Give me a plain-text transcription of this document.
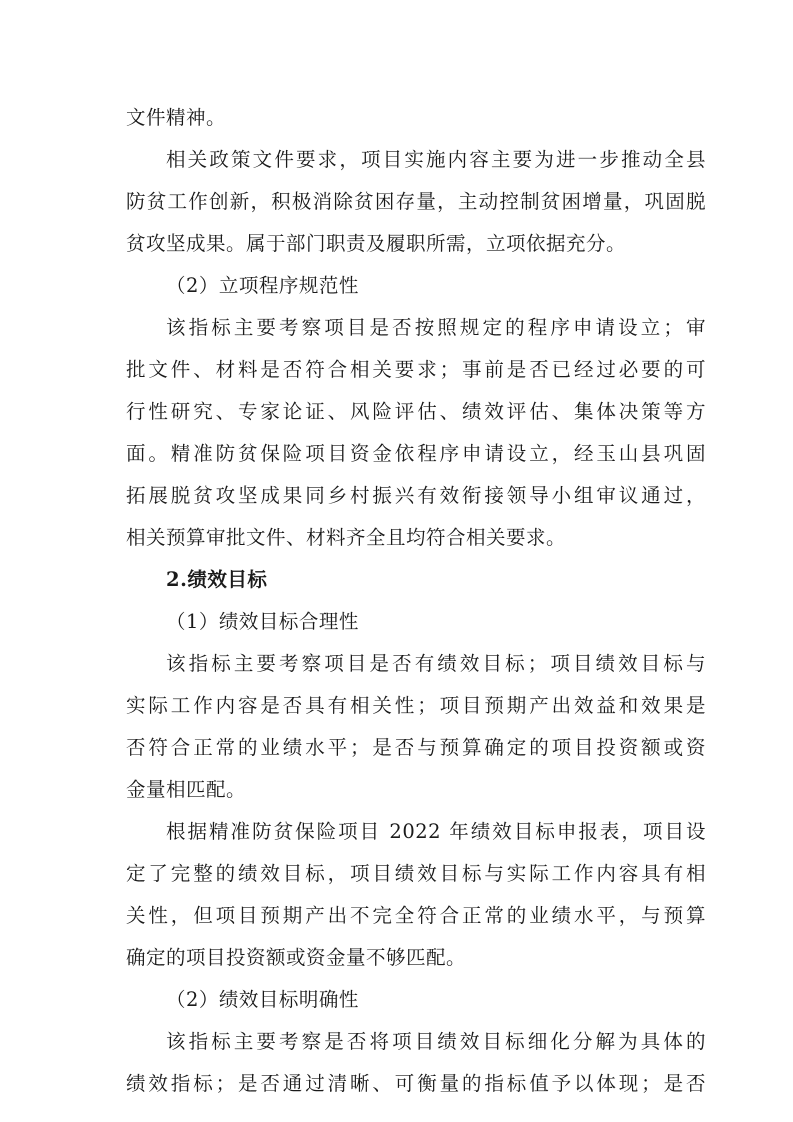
文件精神。
相关政策文件要求，项目实施内容主要为进一步推动全县
防贫工作创新，积极消除贫困存量，主动控制贫困增量，巩固脱
贫攻坚成果。属于部门职责及履职所需，立项依据充分。
（2）立项程序规范性
该指标主要考察项目是否按照规定的程序申请设立；审
批文件、材料是否符合相关要求；事前是否已经过必要的可
行性研究、专家论证、风险评估、绩效评估、集体决策等方
面。精准防贫保险项目资金依程序申请设立，经玉山县巩固
拓展脱贫攻坚成果同乡村振兴有效衔接领导小组审议通过，
相关预算审批文件、材料齐全且均符合相关要求。
2.绩效目标
（1）绩效目标合理性
该指标主要考察项目是否有绩效目标；项目绩效目标与
实际工作内容是否具有相关性；项目预期产出效益和效果是
否符合正常的业绩水平；是否与预算确定的项目投资额或资
金量相匹配。
根据精准防贫保险项目 2022 年绩效目标申报表，项目设
定了完整的绩效目标，项目绩效目标与实际工作内容具有相
关性，但项目预期产出不完全符合正常的业绩水平，与预算
确定的项目投资额或资金量不够匹配。
（2）绩效目标明确性
该指标主要考察是否将项目绩效目标细化分解为具体的
绩效指标；是否通过清晰、可衡量的指标值予以体现；是否
